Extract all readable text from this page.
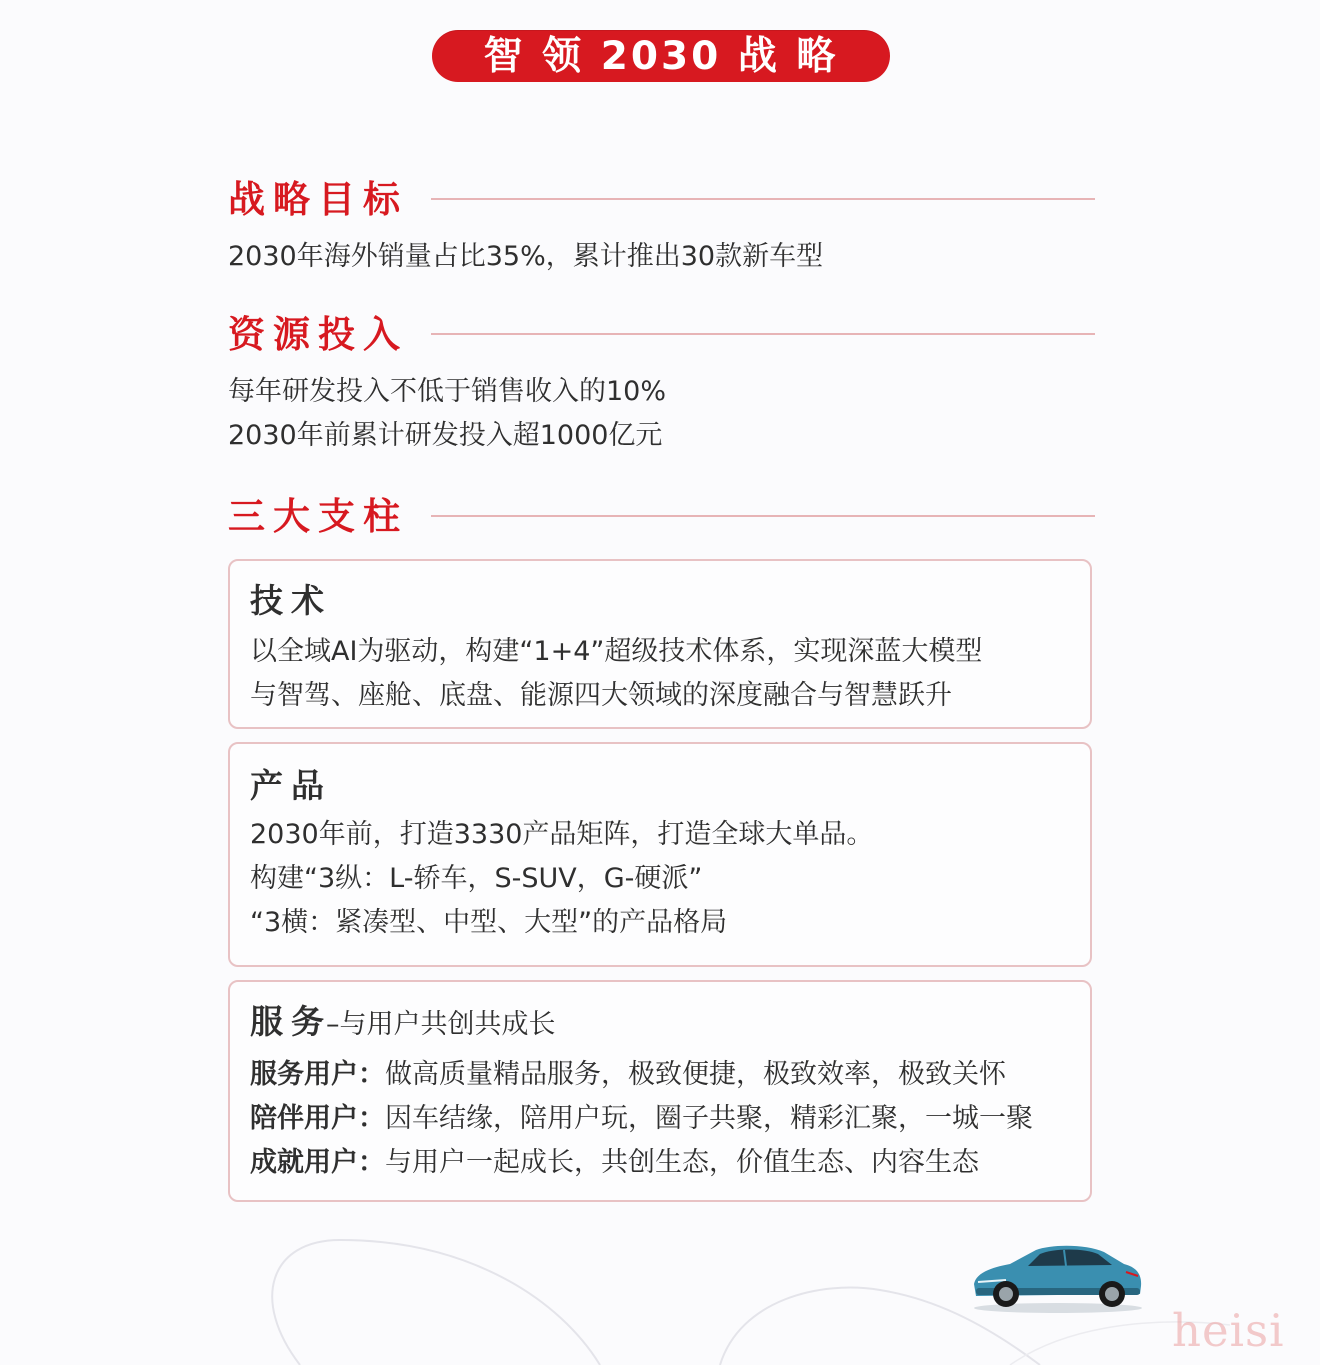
智 领 2030 战 略
战略目标
2030年海外销量占比35%，累计推出30款新车型
资源投入
每年研发投入不低于销售收入的10%
2030年前累计研发投入超1000亿元
三大支柱
技术
以全域AI为驱动，构建“1+4”超级技术体系，实现深蓝大模型
与智驾、座舱、底盘、能源四大领域的深度融合与智慧跃升
产品
2030年前，打造3330产品矩阵，打造全球大单品。
构建“3纵：L-轿车，S-SUV，G-硬派”
“3横：紧凑型、中型、大型”的产品格局
服务
–与用户共创共成长
服务用户：做高质量精品服务，极致便捷，极致效率，极致关怀
陪伴用户：因车结缘，陪用户玩，圈子共聚，精彩汇聚，一城一聚
成就用户：与用户一起成长，共创生态，价值生态、内容生态
heisi
